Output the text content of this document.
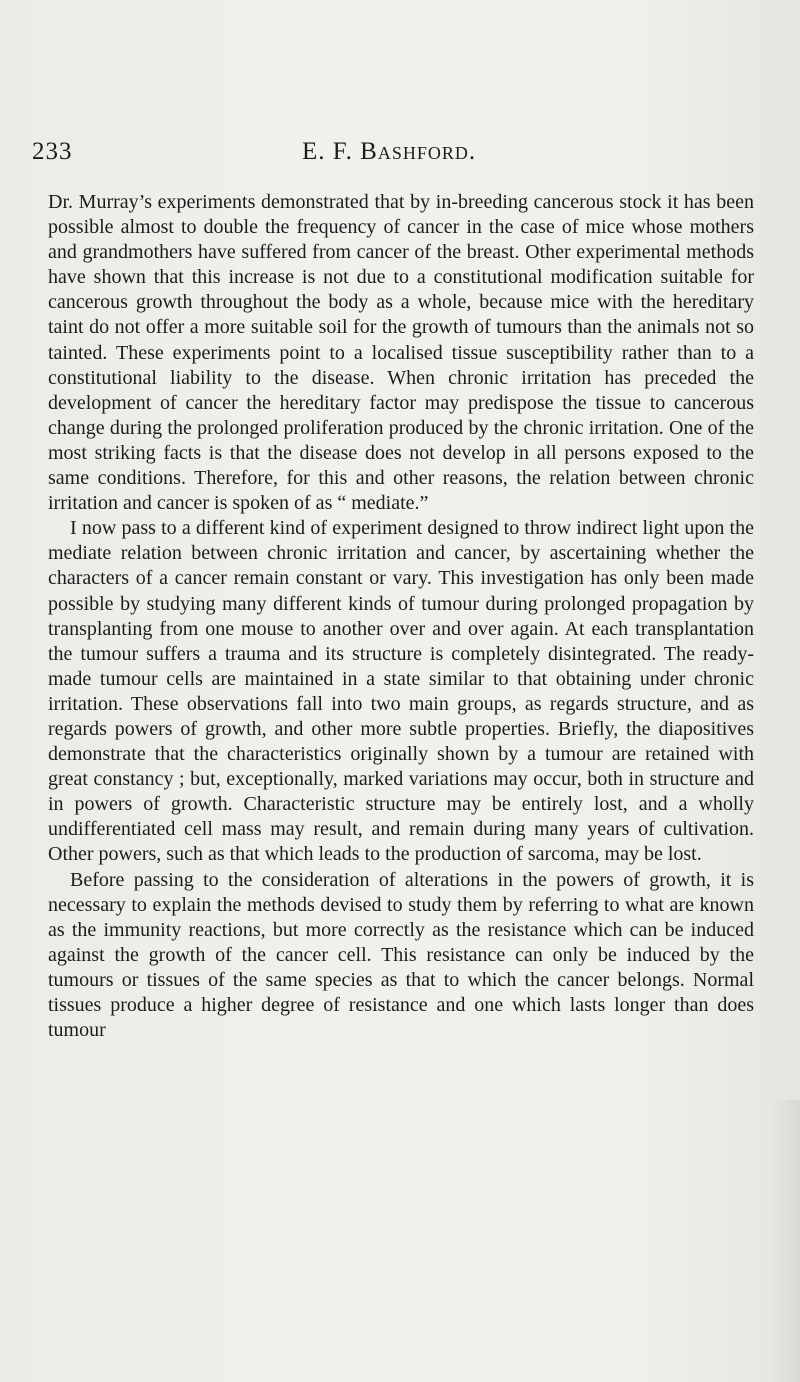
233	E. F. Bashford.

Dr. Murray’s experiments demonstrated that by in-breeding cancerous stock it has been possible almost to double the frequency of cancer in the case of mice whose mothers and grandmothers have suffered from cancer of the breast. Other experimental methods have shown that this increase is not due to a constitutional modification suitable for cancerous growth throughout the body as a whole, because mice with the hereditary taint do not offer a more suitable soil for the growth of tumours than the animals not so tainted. These experiments point to a localised tissue susceptibility rather than to a constitutional liability to the disease. When chronic irritation has preceded the development of cancer the hereditary factor may predispose the tissue to cancerous change during the prolonged proliferation produced by the chronic irritation. One of the most striking facts is that the disease does not develop in all persons exposed to the same conditions. Therefore, for this and other reasons, the relation between chronic irritation and cancer is spoken of as “ mediate.”

I now pass to a different kind of experiment designed to throw indirect light upon the mediate relation between chronic irritation and cancer, by ascertaining whether the characters of a cancer remain constant or vary. This investigation has only been made possible by studying many different kinds of tumour during prolonged propagation by transplanting from one mouse to another over and over again. At each transplantation the tumour suffers a trauma and its structure is completely disintegrated. The ready-made tumour cells are maintained in a state similar to that obtaining under chronic irritation. These observations fall into two main groups, as regards structure, and as regards powers of growth, and other more subtle properties. Briefly, the diapositives demonstrate that the characteristics originally shown by a tumour are retained with great constancy ; but, exceptionally, marked variations may occur, both in structure and in powers of growth. Characteristic structure may be entirely lost, and a wholly undifferentiated cell mass may result, and remain during many years of cultivation. Other powers, such as that which leads to the production of sarcoma, may be lost.

Before passing to the consideration of alterations in the powers of growth, it is necessary to explain the methods devised to study them by referring to what are known as the immunity reactions, but more correctly as the resistance which can be induced against the growth of the cancer cell. This resistance can only be induced by the tumours or tissues of the same species as that to which the cancer belongs. Normal tissues produce a higher degree of resistance and one which lasts longer than does tumour
